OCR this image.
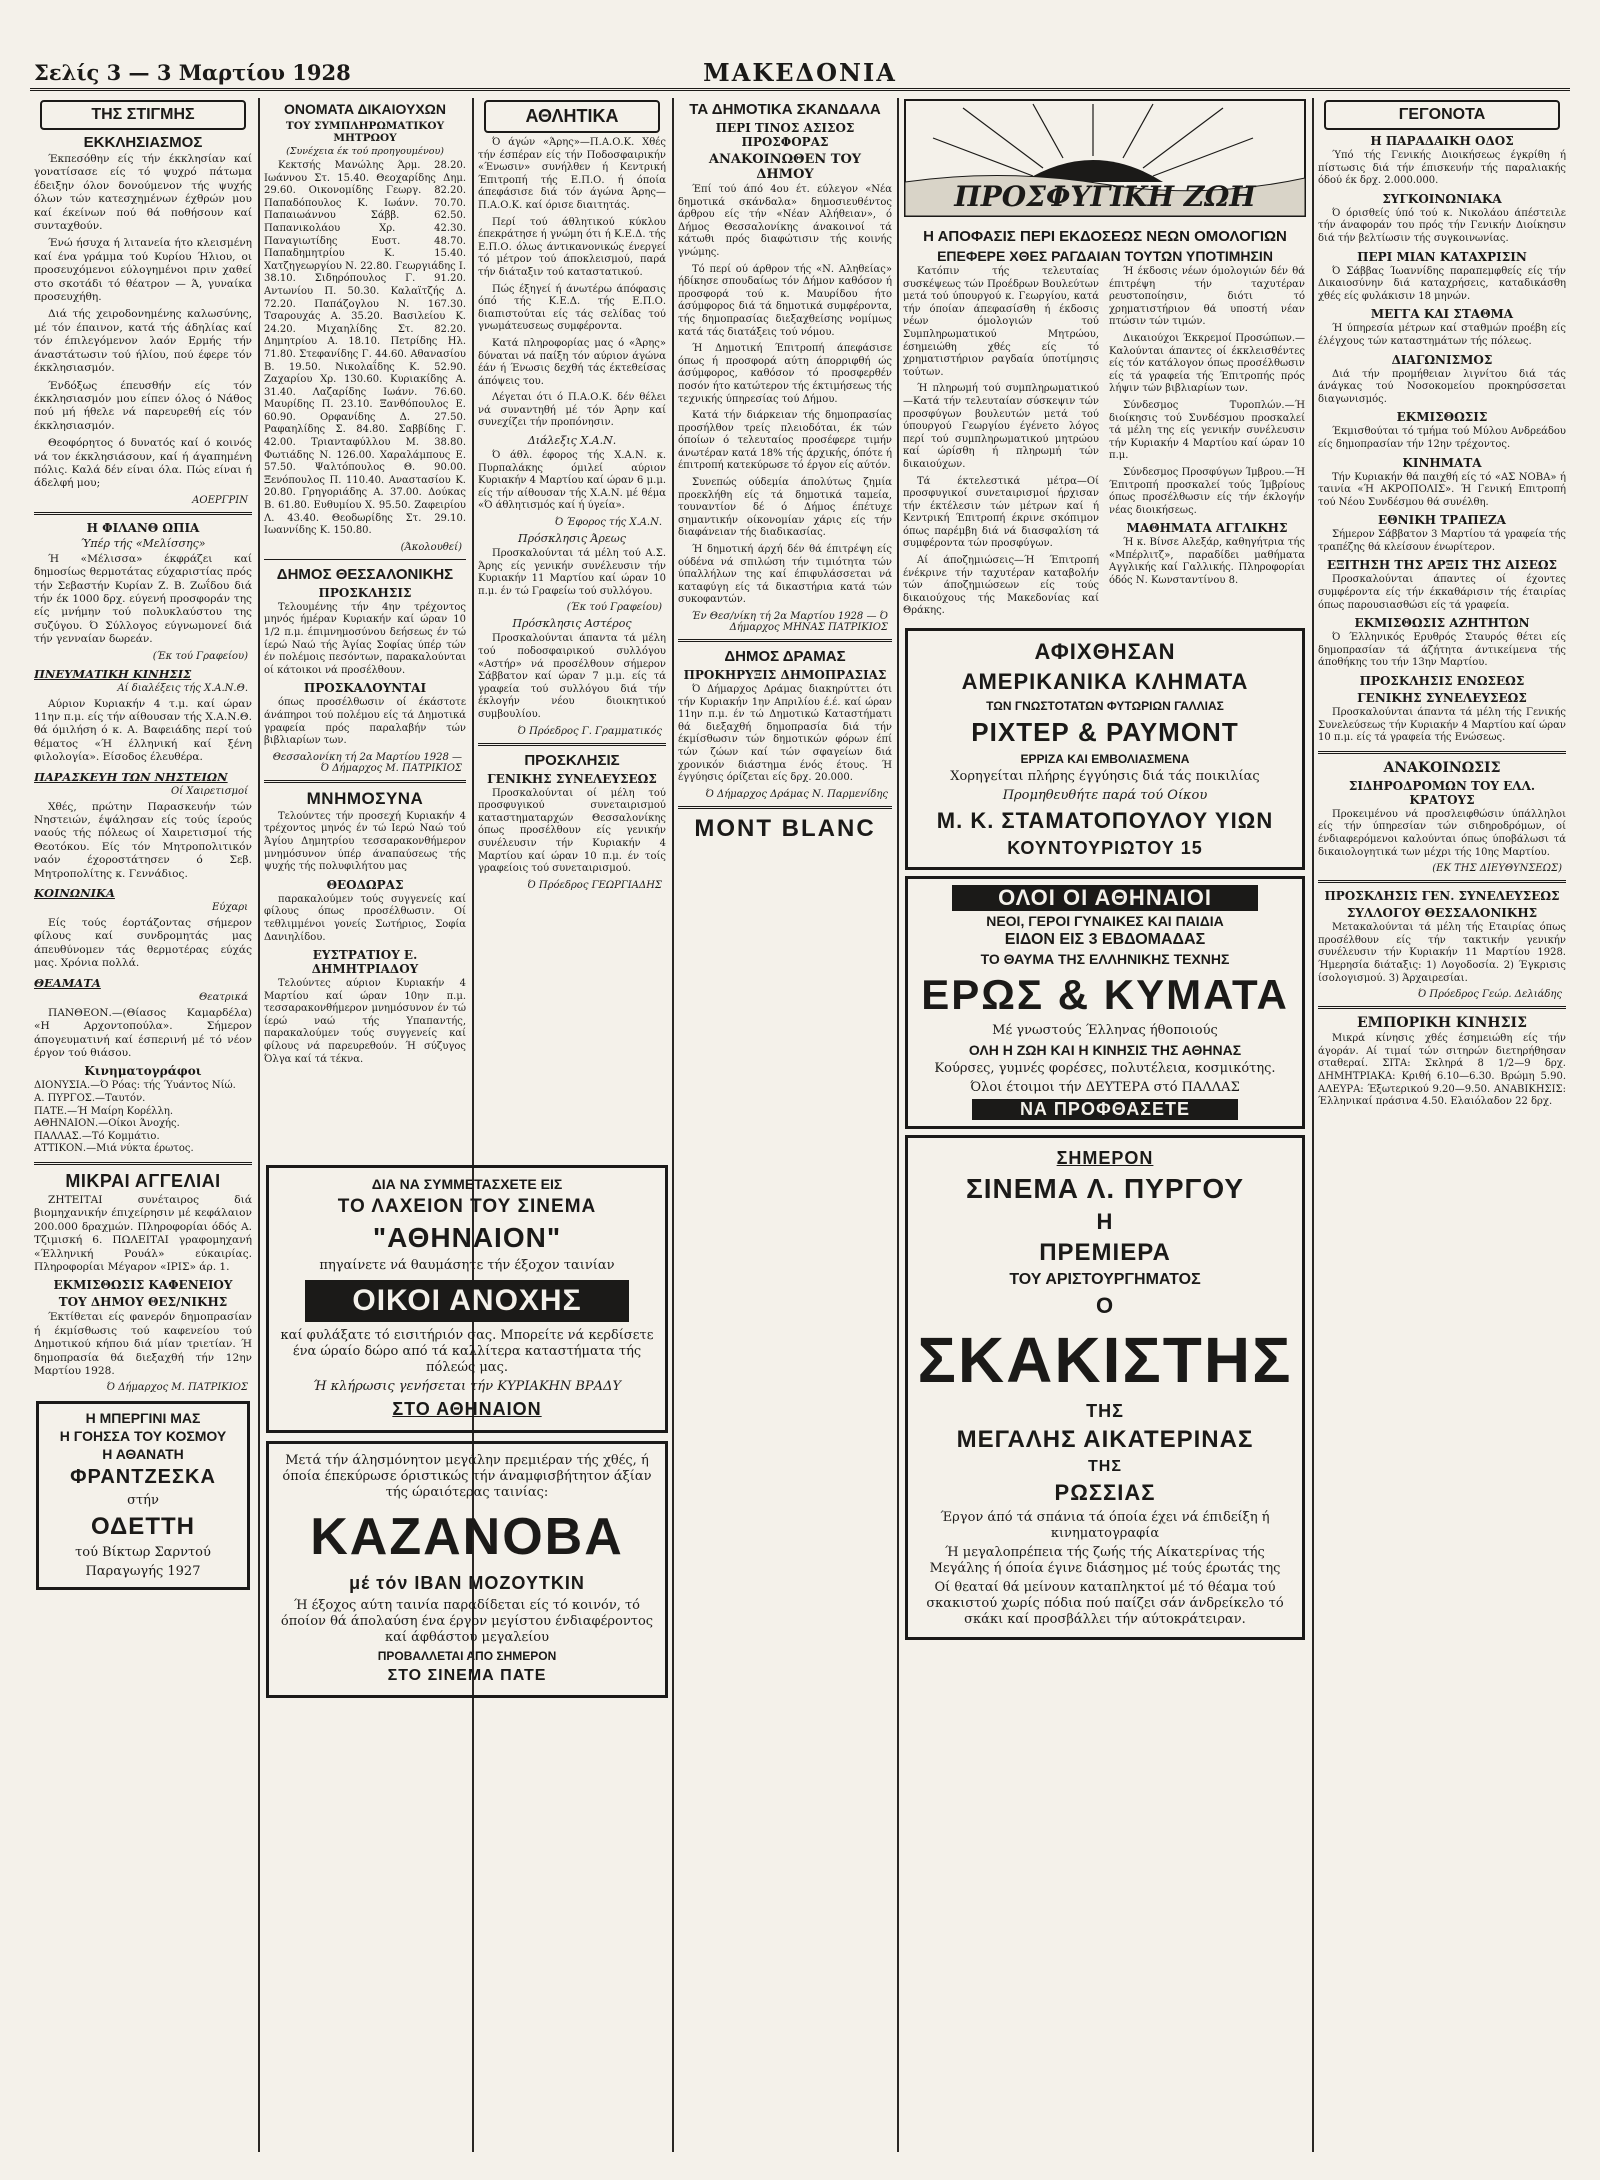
Σελίς 3 — 3 Μαρτίου 1928	ΜΑΚΕΔΟΝΙΑ
ΤΗΣ ΣΤΙΓΜΗΣ
ΕΚΚΛΗΣΙΑΣΜΟΣ

Έκπεσόθην είς τήν έκκλησίαν καί γονατίσασε είς τό ψυχρό πάτωμα έδειξην όλον δονούμενον τής ψυχής όλων τών κατεσχημένων έχθρών μου καί έκείνων πού θά ποθήσουν καί συνταχθούν.

Ένώ ήσυχα ή λιτανεία ήτο κλεισμένη καί ένα γράμμα τού Κυρίου Ήλιου, οι προσευχόμενοι εύλογημένοι πριν χαθεί στο σκοτάδι τό θέατρον — Ά, γυναίκα προσευχήθη.

Διά τής χειροδονημένης καλωσύνης, μέ τόν έπαινον, κατά τής άδηλίας καί τόν έπιλεγόμενον λαόν Ερμής τήν άναστάτωσιν τού ήλίου, πού έφερε τόν έκκλησιασμόν.

Ένδόξως έπευσθήν είς τόν έκκλησιασμόν μου είπεν όλος ό Νάθος πού μή ήθελε νά παρευρεθή είς τόν έκκλησιασμόν.

Θεοφόρητος ό δυνατός καί ό κοινός νά τον έκκλησιάσουν, καί ή άγαπημένη πόλις. Καλά δέν είναι όλα. Πώς είναι ή άδελφή μου;

ΑΟΕΡΓΡΙΝ
Η ΦΙΛΑΝΘ ΩΠΙΑ
Ύπέρ τής «Μελίσσης»

Ή «Μέλισσα» έκφράζει καί δημοσίως θερμοτάτας εύχαριστίας πρός τήν Σεβαστήν Κυρίαν Ζ. Β. Ζωΐδου διά τήν έκ 1000 δρχ. εύγενή προσφοράν της είς μνήμην τού πολυκλαύστου της συζύγου. Ό Σύλλογος εύγνωμονεί διά τήν γενναίαν δωρεάν.

(Έκ τού Γραφείου)
ΠΝΕΥΜΑΤΙΚΗ ΚΙΝΗΣΙΣ
Αί διαλέξεις τής Χ.Α.Ν.Θ.

Αύριον Κυριακήν 4 τ.μ. καί ώραν 11ην π.μ. είς τήν αίθουσαν τής Χ.Α.Ν.Θ. θά όμιλήση ό κ. Α. Βαφειάδης περί τού θέματος «Ή έλληνική καί ξένη φιλολογία». Είσοδος έλευθέρα.

ΠΑΡΑΣΚΕΥΗ ΤΩΝ ΝΗΣΤΕΙΩΝ
Οί Χαιρετισμοί

Χθές, πρώτην Παρασκευήν τών Νηστειών, έψάλησαν είς τούς ίερούς ναούς τής πόλεως οί Χαιρετισμοί τής Θεοτόκου. Είς τόν Μητροπολιτικόν ναόν έχοροστάτησεν ό Σεβ. Μητροπολίτης κ. Γεννάδιος.

ΚΟΙΝΩΝΙΚΑ
Εύχαρι

Είς τούς έορτάζοντας σήμερον φίλους καί συνδρομητάς μας άπευθύνομεν τάς θερμοτέρας εύχάς μας. Χρόνια πολλά.

ΘΕΑΜΑΤΑ
Θεατρικά

ΠΑΝΘΕΟΝ.—(Θίασος Καμαρδέλα) «Η Αρχοντοπούλα». Σήμερον άπογευματινή καί έσπερινή μέ τό νέον έργον τού θιάσου.

Κινηματογράφοι
ΔΙΟΝΥΣΙΑ.—Ό Ρόας: τής Ύυάντος Νίώ.
Α. ΠΥΡΓΟΣ.—Ταυτόν.
ΠΑΤΕ.—Ή Μαίρη Κορέλλη.
ΑΘΗΝΑΙΟΝ.—Οίκοι Άνοχής.
ΠΑΛΛΑΣ.—Τό Κομμάτιο.
ΑΤΤΙΚΟΝ.—Μιά νύκτα έρωτος.
ΜΙΚΡΑΙ ΑΓΓΕΛΙΑΙ

ΖΗΤΕΙΤΑΙ συνέταιρος διά βιομηχανικήν έπιχείρησιν μέ κεφάλαιον 200.000 δραχμών. Πληροφορίαι όδός Α. Τζιμισκή 6. ΠΩΛΕΙΤΑΙ γραφομηχανή «Έλληνική Ρουάλ» εύκαιρίας. Πληροφορίαι Μέγαρον «ΙΡΙΣ» άρ. 1.

ΕΚΜΙΣΘΩΣΙΣ ΚΑΦΕΝΕΙΟΥ
ΤΟΥ ΔΗΜΟΥ ΘΕΣ/ΝΙΚΗΣ

Έκτίθεται είς φανερόν δημοπρασίαν ή έκμίσθωσις τού καφενείου τού Δημοτικού κήπου διά μίαν τριετίαν. Ή δημοπρασία θά διεξαχθή τήν 12ην Μαρτίου 1928.

Ό Δήμαρχος Μ. ΠΑΤΡΙΚΙΟΣ
Η ΜΠΕΡΓΙΝΙ ΜΑΣ
Η ΓΟΗΣΣΑ ΤΟΥ ΚΟΣΜΟΥ
Η ΑΘΑΝΑΤΗ
ΦΡΑΝΤΖΕΣΚΑ
στήν
ΟΔΕΤΤΗ
τού Βίκτωρ Σαρντού
Παραγωγής 1927
ΟΝΟΜΑΤΑ ΔΙΚΑΙΟΥΧΩΝ
ΤΟΥ ΣΥΜΠΛΗΡΩΜΑΤΙΚΟΥ ΜΗΤΡΩΟΥ
(Συνέχεια έκ τού προηγουμένου)

Κεκτσής Μανώλης Άρμ. 28.20. Ιωάννου Στ. 15.40. Θεοχαρίδης Δημ. 29.60. Οικονομίδης Γεωργ. 82.20. Παπαδόπουλος Κ. Ιωάνν. 70.70. Παπαιωάννου Σάββ. 62.50. Παπανικολάου Χρ. 42.30. Παναγιωτίδης Ευστ. 48.70. Παπαδημητρίου Κ. 15.40. Χατζηγεωργίου Ν. 22.80. Γεωργιάδης Ι. 38.10. Σιδηρόπουλος Γ. 91.20. Αντωνίου Π. 50.30. Καλαϊτζής Δ. 72.20. Παπάζογλου Ν. 167.30. Τσαρουχάς Α. 35.20. Βασιλείου Κ. 24.20. Μιχαηλίδης Στ. 82.20. Δημητρίου Α. 18.10. Πετρίδης Ηλ. 71.80. Στεφανίδης Γ. 44.60. Αθανασίου Β. 19.50. Νικολαΐδης Κ. 52.90. Ζαχαρίου Χρ. 130.60. Κυριακίδης Α. 31.40. Λαζαρίδης Ιωάνν. 76.60. Μαυρίδης Π. 23.10. Ξανθόπουλος Ε. 60.90. Ορφανίδης Δ. 27.50. Ραφαηλίδης Σ. 84.80. Σαββίδης Γ. 42.00. Τριανταφύλλου Μ. 38.80. Φωτιάδης Ν. 126.00. Χαραλάμπους Ε. 57.50. Ψαλτόπουλος Θ. 90.00. Ξενόπουλος Π. 110.40. Αναστασίου Κ. 20.80. Γρηγοριάδης Α. 37.00. Δούκας Β. 61.80. Ευθυμίου Χ. 95.50. Ζαφειρίου Λ. 43.40. Θεοδωρίδης Στ. 29.10. Ιωαννίδης Κ. 150.80.

(Άκολουθεί)
ΔΗΜΟΣ ΘΕΣΣΑΛΟΝΙΚΗΣ
ΠΡΟΣΚΛΗΣΙΣ

Τελουμένης τήν 4ην τρέχοντος μηνός ήμέραν Κυριακήν καί ώραν 10 1/2 π.μ. έπιμνημοσύνου δεήσεως έν τώ ίερώ Ναώ τής Άγίας Σοφίας ύπέρ τών έν πολέμοις πεσόντων, παρακαλούνται οί κάτοικοι νά προσέλθουν.

ΠΡΟΣΚΑΛΟΥΝΤΑΙ

όπως προσέλθωσιν οί έκάστοτε άνάπηροι τού πολέμου είς τά Δημοτικά γραφεία πρός παραλαβήν τών βιβλιαρίων των.

Θεσσαλονίκη τή 2α Μαρτίου 1928 — Ό Δήμαρχος Μ. ΠΑΤΡΙΚΙΟΣ
ΜΝΗΜΟΣΥΝΑ

Τελούντες τήν προσεχή Κυριακήν 4 τρέχοντος μηνός έν τώ Ιερώ Ναώ τού Άγίου Δημητρίου τεσσαρακονθήμερον μνημόσυνον ύπέρ άναπαύσεως τής ψυχής τής πολυφιλήτου μας

ΘΕΟΔΩΡΑΣ

παρακαλούμεν τούς συγγενείς καί φίλους όπως προσέλθωσιν. Οί τεθλιμμένοι γονείς Σωτήριος, Σοφία Δανιηλίδου.

ΕΥΣΤΡΑΤΙΟΥ Ε. ΔΗΜΗΤΡΙΑΔΟΥ

Τελούντες αύριον Κυριακήν 4 Μαρτίου καί ώραν 10ην π.μ. τεσσαρακονθήμερον μνημόσυνον έν τώ ίερώ ναώ τής Υπαπαντής, παρακαλούμεν τούς συγγενείς καί φίλους νά παρευρεθούν. Ή σύζυγος Όλγα καί τά τέκνα.

ΑΘΛΗΤΙΚΑ

Ό άγών «Άρης»—Π.Α.Ο.Κ. Χθές τήν έσπέραν είς τήν Ποδοσφαιρικήν «Ένωσιν» συνήλθεν ή Κεντρική Έπιτροπή τής Ε.Π.Ο. ή όποία άπεφάσισε διά τόν άγώνα Άρης—Π.Α.Ο.Κ. καί όρισε διαιτητάς.

Περί τού άθλητικού κύκλου έπεκράτησε ή γνώμη ότι ή Κ.Ε.Δ. τής Ε.Π.Ο. όλως άντικανονικώς ένεργεί τό μέτρον τού άποκλεισμού, παρά τήν διάταξιν τού καταστατικού.

Πώς έξηγεί ή άνωτέρω άπόφασις όπό τής Κ.Ε.Δ. τής Ε.Π.Ο. διαπιστούται είς τάς σελίδας τού γνωμάτευσεως συμφέροντα.

Κατά πληροφορίας μας ό «Άρης» δύναται νά παίξη τόν αύριον άγώνα έάν ή Ένωσις δεχθή τάς έκτεθείσας άπόψεις του.

Λέγεται ότι ό Π.Α.Ο.Κ. δέν θέλει νά συναντηθή μέ τόν Άρην καί συνεχίζει τήν προπόνησιν.

Διάλεξις Χ.Α.Ν.

Ό άθλ. έφορος τής Χ.Α.Ν. κ. Πυρπαλάκης όμιλεί αύριον Κυριακήν 4 Μαρτίου καί ώραν 6 μ.μ. είς τήν αίθουσαν τής Χ.Α.Ν. μέ θέμα «Ό άθλητισμός καί ή ύγεία».

Ό Έφορος τής Χ.Α.Ν.
Πρόσκλησις Άρεως

Προσκαλούνται τά μέλη τού Α.Σ. Άρης είς γενικήν συνέλευσιν τήν Κυριακήν 11 Μαρτίου καί ώραν 10 π.μ. έν τώ Γραφείω τού συλλόγου.

(Έκ τού Γραφείου)
Πρόσκλησις Αστέρος

Προσκαλούνται άπαντα τά μέλη τού ποδοσφαιρικού συλλόγου «Αστήρ» νά προσέλθουν σήμερον Σάββατον καί ώραν 7 μ.μ. είς τά γραφεία τού συλλόγου διά τήν έκλογήν νέου διοικητικού συμβουλίου.

Ό Πρόεδρος Γ. Γραμματικός
ΠΡΟΣΚΛΗΣΙΣ
ΓΕΝΙΚΗΣ ΣΥΝΕΛΕΥΣΕΩΣ

Προσκαλούνται οί μέλη τού προσφυγικού συνεταιρισμού καταστηματαρχών Θεσσαλονίκης όπως προσέλθουν είς γενικήν συνέλευσιν τήν Κυριακήν 4 Μαρτίου καί ώραν 10 π.μ. έν τοίς γραφείοις τού συνεταιρισμού.

Ό Πρόεδρος ΓΕΩΡΓΙΑΔΗΣ
ΤΑ ΔΗΜΟΤΙΚΑ ΣΚΑΝΔΑΛΑ
ΠΕΡΙ ΤΙΝΟΣ ΑΣΙΣΟΣ ΠΡΟΣΦΟΡΑΣ
ΑΝΑΚΟΙΝΩΘΕΝ ΤΟΥ ΔΗΜΟΥ

Έπί τού άπό 4ου έτ. εύλεγον «Νέα δημοτικά σκάνδαλα» δημοσιευθέντος άρθρου είς τήν «Νέαν Αλήθειαν», ό Δήμος Θεσσαλονίκης άνακοινοί τά κάτωθι πρός διαφώτισιν τής κοινής γνώμης.

Τό περί ού άρθρον τής «Ν. Αληθείας» ήδίκησε σπουδαίως τόν Δήμον καθόσον ή προσφορά τού κ. Μαυρίδου ήτο άσύμφορος διά τά δημοτικά συμφέροντα, τής δημοπρασίας διεξαχθείσης νομίμως κατά τάς διατάξεις τού νόμου.

Ή Δημοτική Έπιτροπή άπεφάσισε όπως ή προσφορά αύτη άπορριφθή ώς άσύμφορος, καθόσον τό προσφερθέν ποσόν ήτο κατώτερον τής έκτιμήσεως τής τεχνικής ύπηρεσίας τού Δήμου.

Κατά τήν διάρκειαν τής δημοπρασίας προσήλθον τρείς πλειοδόται, έκ τών όποίων ό τελευταίος προσέφερε τιμήν άνωτέραν κατά 18% τής άρχικής, όπότε ή έπιτροπή κατεκύρωσε τό έργον είς αύτόν.

Συνεπώς ούδεμία άπολύτως ζημία προεκλήθη είς τά δημοτικά ταμεία, τουναντίον δέ ό Δήμος έπέτυχε σημαντικήν οίκονομίαν χάρις είς τήν διαφάνειαν τής διαδικασίας.

Ή δημοτική άρχή δέν θά έπιτρέψη είς ούδένα νά σπιλώση τήν τιμιότητα τών ύπαλλήλων της καί έπιφυλάσσεται νά καταφύγη είς τά δικαστήρια κατά τών συκοφαντών.

Έν Θεσ/νίκη τή 2α Μαρτίου 1928 — Ό Δήμαρχος ΜΗΝΑΣ ΠΑΤΡΙΚΙΟΣ
ΔΗΜΟΣ ΔΡΑΜΑΣ
ΠΡΟΚΗΡΥΞΙΣ ΔΗΜΟΠΡΑΣΙΑΣ

Ό Δήμαρχος Δράμας διακηρύττει ότι τήν Κυριακήν 1ην Απριλίου έ.έ. καί ώραν 11ην π.μ. έν τώ Δημοτικώ Καταστήματι θά διεξαχθή δημοπρασία διά τήν έκμίσθωσιν τών δημοτικών φόρων έπί τών ζώων καί τών σφαγείων διά χρονικόν διάστημα ένός έτους. Ή έγγύησις όρίζεται είς δρχ. 20.000.

Ό Δήμαρχος Δράμας Ν. Παρμενίδης
MONT BLANC
ΔΙΑ ΝΑ ΣΥΜΜΕΤΑΣΧΕΤΕ ΕΙΣ
ΤΟ ΛΑΧΕΙΟΝ ΤΟΥ ΣΙΝΕΜΑ
"ΑΘΗΝΑΙΟΝ"
πηγαίνετε νά θαυμάσητε τήν έξοχον ταινίαν
ΟΙΚΟΙ ΑΝΟΧΗΣ
καί φυλάξατε τό εισιτήριόν σας. Μπορείτε νά κερδίσετε ένα ώραίο δώρο από τά καλλίτερα καταστήματα τής πόλεώς μας.
Ή κλήρωσις γενήσεται τήν ΚΥΡΙΑΚΗΝ ΒΡΑΔΥ
ΣΤΟ ΑΘΗΝΑΙΟΝ
Μετά τήν άλησμόνητον μεγάλην πρεμιέραν τής χθές, ή όποία έπεκύρωσε όριστικώς τήν άναμφισβήτητον άξίαν τής ώραιότερας ταινίας:
ΚΑΖΑΝΟΒΑ
μέ τόν ΙΒΑΝ ΜΟΖΟΥΤΚΙΝ
Ή έξοχος αύτη ταινία παραδίδεται είς τό κοινόν, τό όποίον θά άπολαύση ένα έργον μεγίστου ένδιαφέροντος καί άφθάστου μεγαλείου
ΠΡΟΒΑΛΛΕΤΑΙ ΑΠΟ ΣΗΜΕΡΟΝ
ΣΤΟ ΣΙΝΕΜΑ ΠΑΤΕ
ΠΡΟΣΦΥΓΙΚΗ ΖΩΗ
Η ΑΠΟΦΑΣΙΣ ΠΕΡΙ ΕΚΔΟΣΕΩΣ ΝΕΩΝ ΟΜΟΛΟΓΙΩΝ
ΕΠΕΦΕΡΕ ΧΘΕΣ ΡΑΓΔΑΙΑΝ ΤΟΥΤΩΝ ΥΠΟΤΙΜΗΣΙΝ

Κατόπιν τής τελευταίας συσκέψεως τών Προέδρων Βουλεύτων μετά τού ύπουργού κ. Γεωργίου, κατά τήν όποίαν άπεφασίσθη ή έκδοσις νέων όμολογιών τού Συμπληρωματικού Μητρώου, έσημειώθη χθές είς τό χρηματιστήριον ραγδαία ύποτίμησις τούτων.

Ή πληρωμή τού συμπληρωματικού—Κατά τήν τελευταίαν σύσκεψιν τών προσφύγων βουλευτών μετά τού ύπουργού Γεωργίου έγένετο λόγος περί τού συμπληρωματικού μητρώου καί ώρίσθη ή πληρωμή τών δικαιούχων.

Τά έκτελεστικά μέτρα—Οί προσφυγικοί συνεταιρισμοί ήρχισαν τήν έκτέλεσιν τών μέτρων καί ή Κεντρική Έπιτροπή έκρινε σκόπιμον όπως παρέμβη διά νά διασφαλίση τά συμφέροντα τών προσφύγων.

Αί άποζημιώσεις—Ή Έπιτροπή ένέκρινε τήν ταχυτέραν καταβολήν τών άποζημιώσεων είς τούς δικαιούχους τής Μακεδονίας καί Θράκης.

Ή έκδοσις νέων όμολογιών δέν θά έπιτρέψη τήν ταχυτέραν ρευστοποίησιν, διότι τό χρηματιστήριον θά υποστή νέαν πτώσιν τών τιμών.

Δικαιούχοι Έκκρεμοί Προσώπων.—Καλούνται άπαντες οί έκκλεισθέντες είς τόν κατάλογον όπως προσέλθωσιν είς τά γραφεία τής Έπιτροπής πρός λήψιν τών βιβλιαρίων των.

Σύνδεσμος Τυροπλών.—Ή διοίκησις τού Συνδέσμου προσκαλεί τά μέλη της είς γενικήν συνέλευσιν τήν Κυριακήν 4 Μαρτίου καί ώραν 10 π.μ.

Σύνδεσμος Προσφύγων Ίμβρου.—Ή Έπιτροπή προσκαλεί τούς Ίμβρίους όπως προσέλθωσιν είς τήν έκλογήν νέας διοικήσεως.

ΜΑΘΗΜΑΤΑ ΑΓΓΛΙΚΗΣ

Ή κ. Βίνσε Αλεξάρ, καθηγήτρια τής «Μπέρλιτζ», παραδίδει μαθήματα Αγγλικής καί Γαλλικής. Πληροφορίαι όδός Ν. Κωνσταντίνου 8.

ΑΦΙΧΘΗΣΑΝ
ΑΜΕΡΙΚΑΝΙΚΑ ΚΛΗΜΑΤΑ
ΤΩΝ ΓΝΩΣΤΟΤΑΤΩΝ ΦΥΤΩΡΙΩΝ ΓΑΛΛΙΑΣ
ΡΙΧΤΕΡ & ΡΑΥΜΟΝΤ
ΕΡΡΙΖΑ ΚΑΙ ΕΜΒΟΛΙΑΣΜΕΝΑ
Χορηγείται πλήρης έγγύησις διά τάς ποικιλίας
Προμηθευθήτε παρά τού Οίκου
Μ. Κ. ΣΤΑΜΑΤΟΠΟΥΛΟΥ ΥΙΩΝ
ΚΟΥΝΤΟΥΡΙΩΤΟΥ 15
ΟΛΟΙ ΟΙ ΑΘΗΝΑΙΟΙ
ΝΕΟΙ, ΓΕΡΟΙ ΓΥΝΑΙΚΕΣ ΚΑΙ ΠΑΙΔΙΑ
ΕΙΔΟΝ ΕΙΣ 3 ΕΒΔΟΜΑΔΑΣ
ΤΟ ΘΑΥΜΑ ΤΗΣ ΕΛΛΗΝΙΚΗΣ ΤΕΧΝΗΣ
ΕΡΩΣ & ΚΥΜΑΤΑ
Μέ γνωστούς Έλληνας ήθοποιούς
ΟΛΗ Η ΖΩΗ ΚΑΙ Η ΚΙΝΗΣΙΣ ΤΗΣ ΑΘΗΝΑΣ
Κούρσες, γυμνές φορέσες, πολυτέλεια, κοσμικότης.
Όλοι έτοιμοι τήν ΔΕΥΤΕΡΑ στό ΠΑΛΛΑΣ
ΝΑ ΠΡΟΦΘΑΣΕΤΕ
ΣΗΜΕΡΟΝ
ΣΙΝΕΜΑ Λ. ΠΥΡΓΟΥ
Η
ΠΡΕΜΙΕΡΑ
ΤΟΥ ΑΡΙΣΤΟΥΡΓΗΜΑΤΟΣ
Ο
ΣΚΑΚΙΣΤΗΣ
ΤΗΣ
ΜΕΓΑΛΗΣ ΑΙΚΑΤΕΡΙΝΑΣ
ΤΗΣ
ΡΩΣΣΙΑΣ
Έργον άπό τά σπάνια τά όποία έχει νά έπιδείξη ή κινηματογραφία
Ή μεγαλοπρέπεια τής ζωής τής Αίκατερίνας τής Μεγάλης ή όποία έγινε διάσημος μέ τούς έρωτάς της
Οί θεαταί θά μείνουν καταπληκτοί μέ τό θέαμα τού σκακιστού χωρίς πόδια πού παίζει σάν άνδρείκελο τό σκάκι καί προσβάλλει τήν αύτοκράτειραν.
ΓΕΓΟΝΟΤΑ
Η ΠΑΡΑΔΑΙΚΗ ΟΔΟΣ

Ύπό τής Γενικής Διοικήσεως έγκρίθη ή πίστωσις διά τήν έπισκευήν τής παραλιακής όδού έκ δρχ. 2.000.000.

ΣΥΓΚΟΙΝΩΝΙΑΚΑ

Ό όρισθείς ύπό τού κ. Νικολάου άπέστειλε τήν άναφοράν του πρός τήν Γενικήν Διοίκησιν διά τήν βελτίωσιν τής συγκοινωνίας.

ΠΕΡΙ ΜΙΑΝ ΚΑΤΑΧΡΙΣΙΝ

Ό Σάββας Ίωαννίδης παραπεμφθείς είς τήν Δικαιοσύνην διά καταχρήσεις, καταδικάσθη χθές είς φυλάκισιν 18 μηνών.

ΜΕΓΓΑ ΚΑΙ ΣΤΑΘΜΑ

Ή ύπηρεσία μέτρων καί σταθμών προέβη είς έλέγχους τών καταστημάτων τής πόλεως.

ΔΙΑΓΩΝΙΣΜΟΣ

Διά τήν προμήθειαν λιγνίτου διά τάς άνάγκας τού Νοσοκομείου προκηρύσσεται διαγωνισμός.

ΕΚΜΙΣΘΩΣΙΣ

Έκμισθούται τό τμήμα τού Μύλου Ανδρεάδου είς δημοπρασίαν τήν 12ην τρέχοντος.

ΚΙΝΗΜΑΤΑ

Τήν Κυριακήν θά παιχθή είς τό «ΑΣ ΝΟΒΑ» ή ταινία «Ή ΑΚΡΟΠΟΛΙΣ». Ή Γενική Επιτροπή τού Νέου Συνδέσμου θά συνέλθη.

ΕΘΝΙΚΗ ΤΡΑΠΕΖΑ

Σήμερον Σάββατον 3 Μαρτίου τά γραφεία τής τραπέζης θά κλείσουν ένωρίτερον.

ΕΞΙΤΗΣΗ ΤΗΣ ΑΡΞΙΣ ΤΗΣ ΑΙΣΕΩΣ

Προσκαλούνται άπαντες οί έχοντες συμφέροντα είς τήν έκκαθάρισιν τής έταιρίας όπως παρουσιασθώσι είς τά γραφεία.

ΕΚΜΙΣΘΩΣΙΣ ΑΖΗΤΗΤΩΝ

Ό Έλληνικός Ερυθρός Σταυρός θέτει είς δημοπρασίαν τά άζήτητα άντικείμενα τής άποθήκης του τήν 13ην Μαρτίου.

ΠΡΟΣΚΛΗΣΙΣ ΕΝΩΣΕΩΣ
ΓΕΝΙΚΗΣ ΣΥΝΕΛΕΥΣΕΩΣ

Προσκαλούνται άπαντα τά μέλη τής Γενικής Συνελεύσεως τήν Κυριακήν 4 Μαρτίου καί ώραν 10 π.μ. είς τά γραφεία τής Ενώσεως.

ΑΝΑΚΟΙΝΩΣΙΣ
ΣΙΔΗΡΟΔΡΟΜΩΝ ΤΟΥ ΕΛΛ. ΚΡΑΤΟΥΣ

Προκειμένου νά προσλειφθώσιν ύπάλληλοι είς τήν ύπηρεσίαν τών σιδηροδρόμων, οί ένδιαφερόμενοι καλούνται όπως ύποβάλωσι τά δικαιολογητικά των μέχρι τής 10ης Μαρτίου.

(ΕΚ ΤΗΣ ΔΙΕΥΘΥΝΣΕΩΣ)
ΠΡΟΣΚΛΗΣΙΣ ΓΕΝ. ΣΥΝΕΛΕΥΣΕΩΣ
ΣΥΛΛΟΓΟΥ ΘΕΣΣΑΛΟΝΙΚΗΣ

Μετακαλούνται τά μέλη τής Εταιρίας όπως προσέλθουν είς τήν τακτικήν γενικήν συνέλευσιν τήν Κυριακήν 11 Μαρτίου 1928. Ήμερησία διάταξις: 1) Λογοδοσία. 2) Έγκρισις ίσολογισμού. 3) Άρχαιρεσίαι.

Ό Πρόεδρος Γεώρ. Δελιάδης
ΕΜΠΟΡΙΚΗ ΚΙΝΗΣΙΣ

Μικρά κίνησις χθές έσημειώθη είς τήν άγοράν. Αί τιμαί τών σιτηρών διετηρήθησαν σταθεραί. ΣΙΤΑ: Σκληρά 8 1/2—9 δρχ. ΔΗΜΗΤΡΙΑΚΑ: Κριθή 6.10—6.30. Βρώμη 5.90. ΑΛΕΥΡΑ: Έξωτερικού 9.20—9.50. ΑΝΑΒΙΚΗΣΙΣ: Έλληνικαί πράσινα 4.50. Ελαιόλαδον 22 δρχ.
